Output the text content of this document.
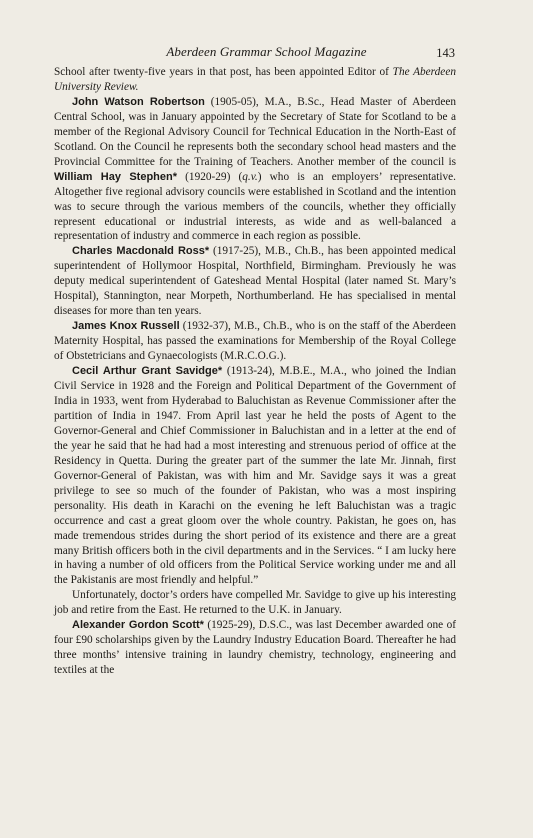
Aberdeen Grammar School Magazine	143

School after twenty-five years in that post, has been appointed Editor of The Aberdeen University Review.

John Watson Robertson (1905-05), M.A., B.Sc., Head Master of Aberdeen Central School, was in January appointed by the Secretary of State for Scotland to be a member of the Regional Advisory Council for Technical Education in the North-East of Scotland. On the Council he represents both the secondary school head masters and the Provincial Committee for the Training of Teachers. Another member of the council is William Hay Stephen* (1920-29) (q.v.) who is an employers’ representative. Altogether five regional advisory councils were established in Scotland and the intention was to secure through the various members of the councils, whether they officially represent educational or industrial interests, as wide and as well-balanced a representation of industry and commerce in each region as possible.

Charles Macdonald Ross* (1917-25), M.B., Ch.B., has been appointed medical superintendent of Hollymoor Hospital, Northfield, Birmingham. Previously he was deputy medical superintendent of Gateshead Mental Hospital (later named St. Mary’s Hospital), Stannington, near Morpeth, Northumberland. He has specialised in mental diseases for more than ten years.

James Knox Russell (1932-37), M.B., Ch.B., who is on the staff of the Aberdeen Maternity Hospital, has passed the examinations for Membership of the Royal College of Obstetricians and Gynaecologists (M.R.C.O.G.).

Cecil Arthur Grant Savidge* (1913-24), M.B.E., M.A., who joined the Indian Civil Service in 1928 and the Foreign and Political Department of the Government of India in 1933, went from Hyderabad to Baluchistan as Revenue Commissioner after the partition of India in 1947. From April last year he held the posts of Agent to the Governor-General and Chief Commissioner in Baluchistan and in a letter at the end of the year he said that he had had a most interesting and strenuous period of office at the Residency in Quetta. During the greater part of the summer the late Mr. Jinnah, first Governor-General of Pakistan, was with him and Mr. Savidge says it was a great privilege to see so much of the founder of Pakistan, who was a most inspiring personality. His death in Karachi on the evening he left Baluchistan was a tragic occurrence and cast a great gloom over the whole country. Pakistan, he goes on, has made tremendous strides during the short period of its existence and there are a great many British officers both in the civil departments and in the Services. “ I am lucky here in having a number of old officers from the Political Service working under me and all the Pakistanis are most friendly and helpful.”

Unfortunately, doctor’s orders have compelled Mr. Savidge to give up his interesting job and retire from the East. He returned to the U.K. in January.

Alexander Gordon Scott* (1925-29), D.S.C., was last December awarded one of four £90 scholarships given by the Laundry Industry Education Board. Thereafter he had three months’ intensive training in laundry chemistry, technology, engineering and textiles at the
